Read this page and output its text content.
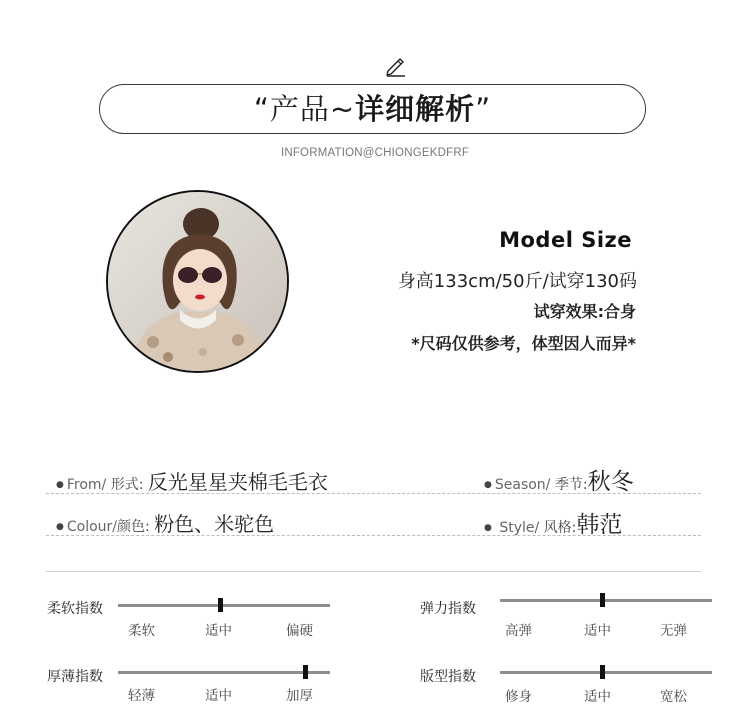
“产品~详细解析”
INFORMATION@CHIONGEKDFRF
Model Size
身高133cm/50斤/试穿130码
试穿效果:合身
*尺码仅供参考，体型因人而异*
● From/ 形式: 反光星星夹棉毛毛衣	● Season/ 季节:秋冬
● Colour/颜色: 粉色、米驼色	● Style/ 风格:韩范
柔软指数
柔软	适中	偏硬
弹力指数
高弹	适中	无弹
厚薄指数
轻薄	适中	加厚
版型指数
修身	适中	宽松
